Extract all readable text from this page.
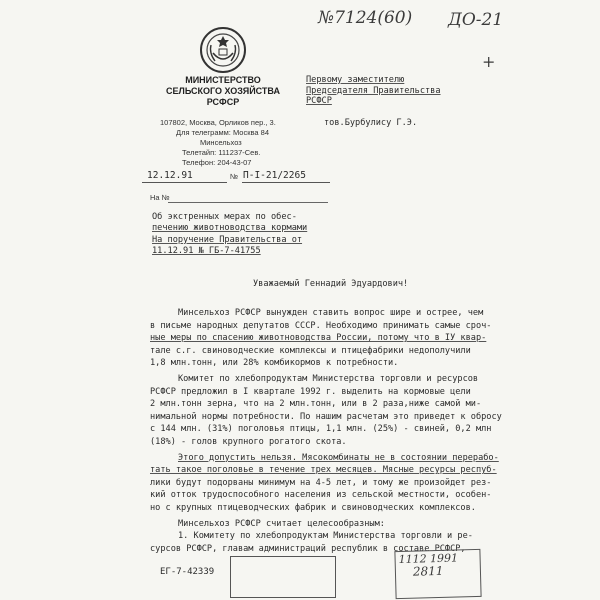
№7124(60) ДО-21
+
МИНИСТЕРСТВО
СЕЛЬСКОГО ХОЗЯЙСТВА
РСФСР
107802, Москва, Орликов пер., 3.
Для телеграмм: Москва 84
Минсельхоз
Телетайп: 111237-Сев.
Телефон: 204-43-07
12.12.91	№ П-I-21/2265
На №
Первому заместителю
Председателя Правительства
РСФСР
тов.Бурбулису Г.Э.
Об экстренных мерах по обес-
печению животноводства кормами
На поручение Правительства от
11.12.91 № ГБ-7-41755
Уважаемый Геннадий Эдуардович!
Минсельхоз РСФСР вынужден ставить вопрос шире и острее, чем
в письме народных депутатов СССР. Необходимо принимать самые сроч-
ные меры по спасению животноводства России, потому что в IУ квар-
тале с.г. свиноводческие комплексы и птицефабрики недополучили
1,8 млн.тонн, или 28% комбикормов к потребности.
Комитет по хлебопродуктам Министерства торговли и ресурсов
РСФСР предложил в I квартале 1992 г. выделить на кормовые цели
2 млн.тонн зерна, что на 2 млн.тонн, или в 2 раза,ниже самой ми-
нимальной нормы потребности. По нашим расчетам это приведет к обросу
с 144 млн. (31%) поголовья птицы, 1,1 млн. (25%) - свиней, 0,2 млн
(18%) - голов крупного рогатого скота.
Этого допустить нельзя. Мясокомбинаты не в состоянии перерабо-
тать такое поголовье в течение трех месяцев. Мясные ресурсы респуб-
лики будут подорваны минимум на 4-5 лет, и тому же произойдет рез-
кий отток трудоспособного населения из сельской местности, особен-
но с крупных птицеводческих фабрик и свиноводческих комплексов.
Минсельхоз РСФСР считает целесообразным:
1. Комитету по хлебопродуктам Министерства торговли и ре-
сурсов РСФСР, главам администраций республик в составе РСФСР,
ЕГ-7-42339
1112 1991
2811
